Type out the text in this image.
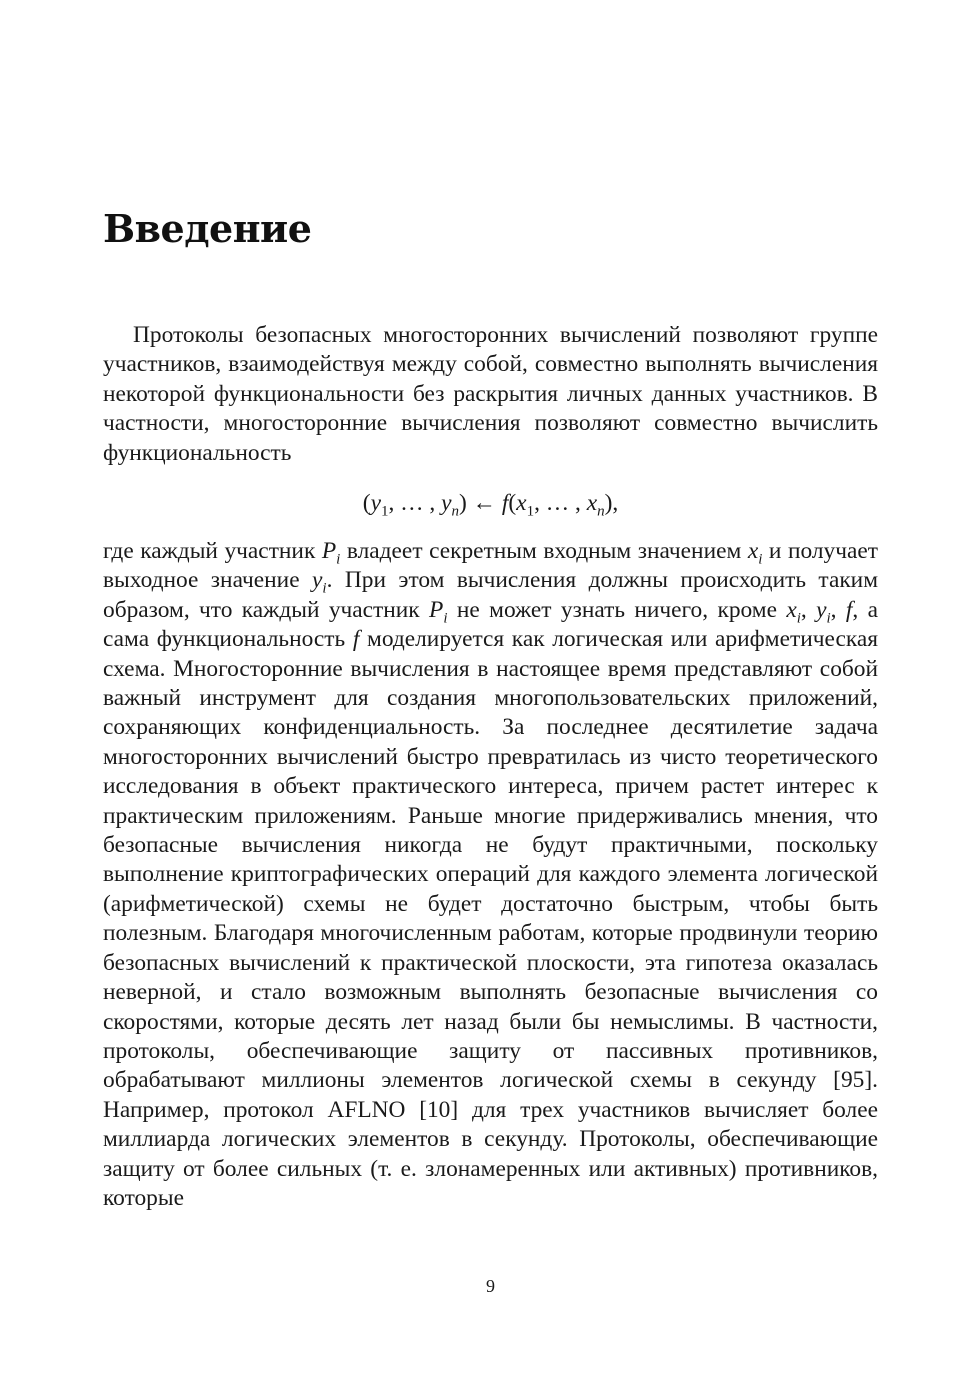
Введение

Протоколы безопасных многосторонних вычислений позволяют группе участников, взаимодействуя между собой, совместно выполнять вычисления некоторой функциональности без раскрытия личных данных участников. В частности, многосторонние вычисления позволяют совместно вычислить функциональность

($y_1$, … , $y_n$) ← $f(x_1$, … , $x_n$),

где каждый участник $P_i$ владеет секретным входным значением $x_i$ и получает выходное значение $y_i$. При этом вычисления должны происходить таким образом, что каждый участник $P_i$ не может узнать ничего, кроме $x_i$, $y_i$, f, а сама функциональность f моделируется как логическая или арифметическая схема. Многосторонние вычисления в настоящее время представляют собой важный инструмент для создания многопользовательских приложений, сохраняющих конфиденциальность. За последнее десятилетие задача многосторонних вычислений быстро превратилась из чисто теоретического исследования в объект практического интереса, причем растет интерес к практическим приложениям. Раньше многие придерживались мнения, что безопасные вычисления никогда не будут практичными, поскольку выполнение криптографических операций для каждого элемента логической (арифметической) схемы не будет достаточно быстрым, чтобы быть полезным. Благодаря многочисленным работам, которые продвинули теорию безопасных вычислений к практической плоскости, эта гипотеза оказалась неверной, и стало возможным выполнять безопасные вычисления со скоростями, которые десять лет назад были бы немыслимы. В частности, протоколы, обеспечивающие защиту от пассивных противников, обрабатывают миллионы элементов логической схемы в секунду [95]. Например, протокол AFLNO [10] для трех участников вычисляет более миллиарда логических элементов в секунду. Протоколы, обеспечивающие защиту от более сильных (т. е. злонамеренных или активных) противников, которые

9
